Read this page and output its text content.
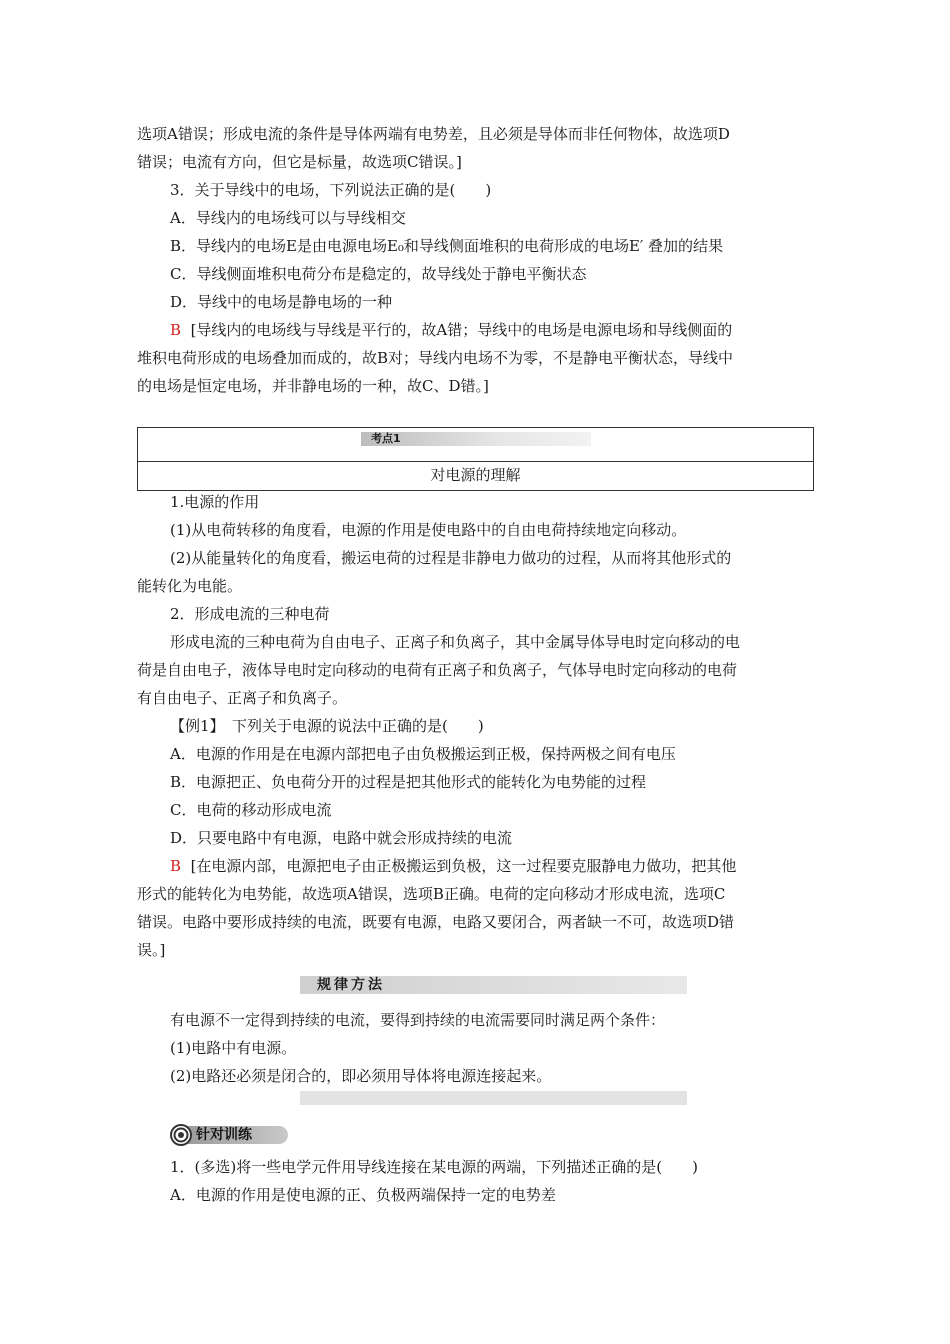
选项A错误；形成电流的条件是导体两端有电势差，且必须是导体而非任何物体，故选项D
错误；电流有方向，但它是标量，故选项C错误。]
3．关于导线中的电场，下列说法正确的是(　　)
A．导线内的电场线可以与导线相交
B．导线内的电场E是由电源电场E₀和导线侧面堆积的电荷形成的电场E′ 叠加的结果
C．导线侧面堆积电荷分布是稳定的，故导线处于静电平衡状态
D．导线中的电场是静电场的一种
B [导线内的电场线与导线是平行的，故A错；导线中的电场是电源电场和导线侧面的
堆积电荷形成的电场叠加而成的，故B对；导线内电场不为零，不是静电平衡状态，导线中
的电场是恒定电场，并非静电场的一种，故C、D错。]
考点1
对电源的理解
1.电源的作用
(1)从电荷转移的角度看，电源的作用是使电路中的自由电荷持续地定向移动。
(2)从能量转化的角度看，搬运电荷的过程是非静电力做功的过程，从而将其他形式的
能转化为电能。
2．形成电流的三种电荷
形成电流的三种电荷为自由电子、正离子和负离子，其中金属导体导电时定向移动的电
荷是自由电子，液体导电时定向移动的电荷有正离子和负离子，气体导电时定向移动的电荷
有自由电子、正离子和负离子。
【例1】　下列关于电源的说法中正确的是(　　)
A．电源的作用是在电源内部把电子由负极搬运到正极，保持两极之间有电压
B．电源把正、负电荷分开的过程是把其他形式的能转化为电势能的过程
C．电荷的移动形成电流
D．只要电路中有电源，电路中就会形成持续的电流
B [在电源内部，电源把电子由正极搬运到负极，这一过程要克服静电力做功，把其他
形式的能转化为电势能，故选项A错误，选项B正确。电荷的定向移动才形成电流，选项C
错误。电路中要形成持续的电流，既要有电源，电路又要闭合，两者缺一不可，故选项D错
误。]
规律方法
有电源不一定得到持续的电流，要得到持续的电流需要同时满足两个条件：
(1)电路中有电源。
(2)电路还必须是闭合的，即必须用导体将电源连接起来。
针对训练
1．(多选)将一些电学元件用导线连接在某电源的两端，下列描述正确的是(　　)
A．电源的作用是使电源的正、负极两端保持一定的电势差
